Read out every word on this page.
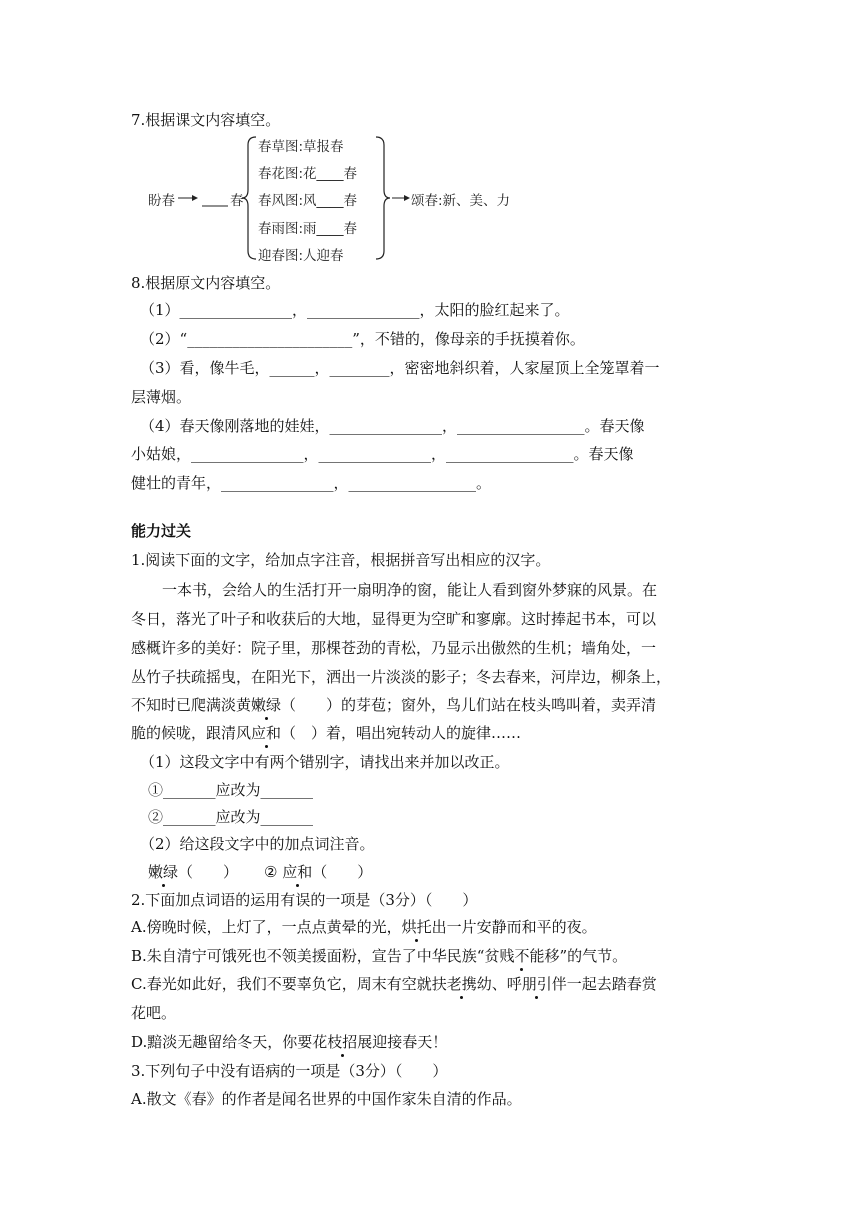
7.根据课文内容填空。
盼春	春
春草图:草报春
春花图:花____春
春风图:风____春
春雨图:雨____春
迎春图:人迎春
颂春:新、美、力
8.根据原文内容填空。
（1）_______________，_______________，太阳的脸红起来了。
（2）“______________________”，不错的，像母亲的手抚摸着你。
（3）看，像牛毛，______，________，密密地斜织着，人家屋顶上全笼罩着一
层薄烟。
（4）春天像刚落地的娃娃，_______________，_________________。春天像
小姑娘，_______________，_______________，_________________。春天像
健壮的青年，_______________，_________________。
能力过关
1.阅读下面的文字，给加点字注音，根据拼音写出相应的汉字。
一本书，会给人的生活打开一扇明净的窗，能让人看到窗外梦寐的风景。在
冬日，落光了叶子和收获后的大地，显得更为空旷和寥廓。这时捧起书本，可以
感概许多的美好：院子里，那棵苍劲的青松，乃显示出傲然的生机；墙角处，一
丛竹子扶疏摇曳，在阳光下，洒出一片淡淡的影子；冬去春来，河岸边，柳条上，
不知时已爬满淡黄嫩绿（　　）的芽苞；窗外，鸟儿们站在枝头鸣叫着，卖弄清
脆的候咙，跟清风应和（　）着，唱出宛转动人的旋律……
（1）这段文字中有两个错别字，请找出来并加以改正。
①_______应改为_______
②_______应改为_______
（2）给这段文字中的加点词注音。
嫩绿（　　） ② 应和（　　）
2.下面加点词语的运用有误的一项是（3分）（　　）
A.傍晚时候，上灯了，一点点黄晕的光，烘托出一片安静而和平的夜。
B.朱自清宁可饿死也不领美援面粉，宣告了中华民族“贫贱不能移”的气节。
C.春光如此好，我们不要辜负它，周末有空就扶老携幼、呼朋引伴一起去踏春赏
花吧。
D.黯淡无趣留给冬天，你要花枝招展迎接春天！
3.下列句子中没有语病的一项是（3分）（　　）
A.散文《春》的作者是闻名世界的中国作家朱自清的作品。
